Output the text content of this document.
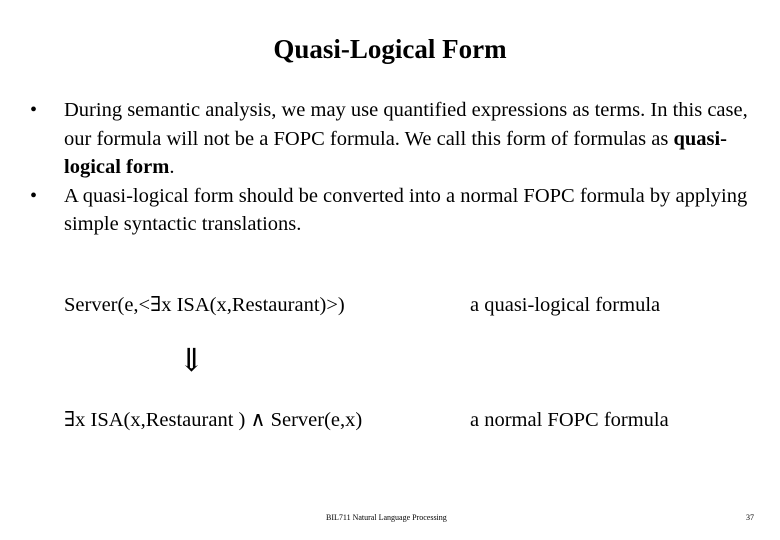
Quasi-Logical Form
• During semantic analysis, we may use quantified expressions as terms. In this case, our formula will not be a FOPC formula. We call this form of formulas as quasi-logical form.
• A quasi-logical form should be converted into a normal FOPC formula by applying simple syntactic translations.
Server(e,<∃x ISA(x,Restaurant)>)	a quasi-logical formula
⇓
∃x ISA(x,Restaurant ) ∧ Server(e,x)	a normal FOPC formula
BIL711 Natural Language Processing	37
